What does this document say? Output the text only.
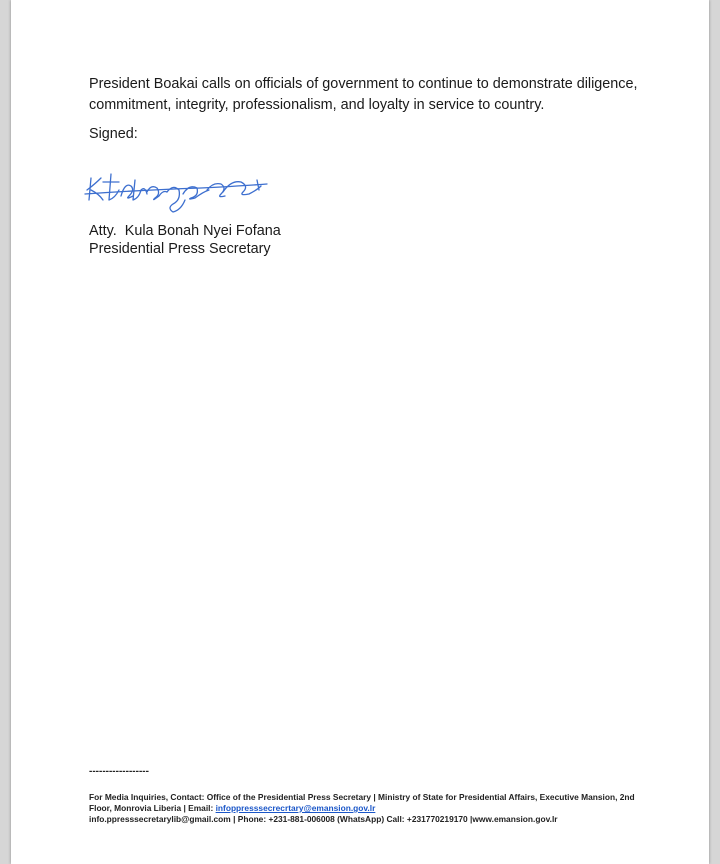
President Boakai calls on officials of government to continue to demonstrate diligence, commitment, integrity, professionalism, and loyalty in service to country.

Signed:
Atty.  Kula Bonah Nyei Fofana
Presidential Press Secretary
------------------
For Media Inquiries, Contact: Office of the Presidential Press Secretary | Ministry of State for Presidential Affairs, Executive Mansion, 2nd Floor, Monrovia Liberia | Email: infoppresssecrecrtary@emansion.gov.lr
info.ppresssecretarylib@gmail.com | Phone: +231-881-006008 (WhatsApp) Call: +231770219170 |www.emansion.gov.lr
